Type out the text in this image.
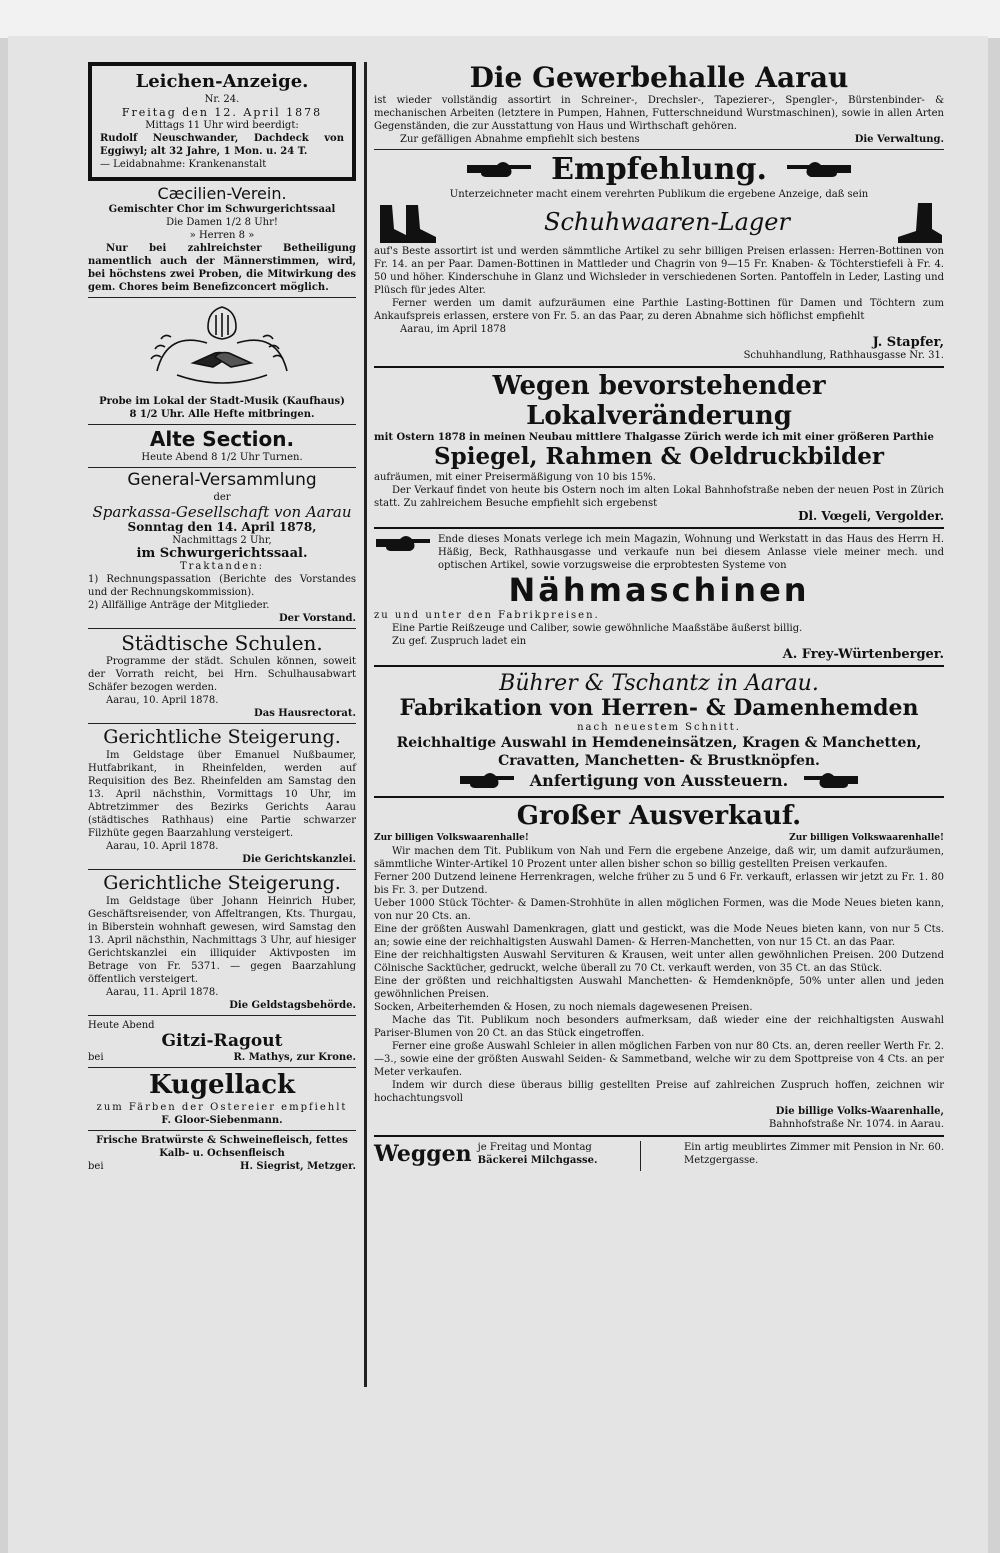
Leichen-Anzeige.

Nr. 24.

Freitag den 12. April 1878

Mittags 11 Uhr wird beerdigt:

Rudolf Neuschwander, Dachdeck von Eggiwyl; alt 32 Jahre, 1 Mon. u. 24 T.

— Leidabnahme: Krankenanstalt

Cæcilien-Verein.

Gemischter Chor im Schwurgerichtssaal

Die Damen 1/2 8 Uhr!

» Herren 8 »

Nur bei zahlreichster Betheiligung namentlich auch der Männerstimmen, wird, bei höchstens zwei Proben, die Mitwirkung des gem. Chores beim Benefizconcert möglich.

Probe im Lokal der Stadt-Musik (Kaufhaus)

8 1/2 Uhr. Alle Hefte mitbringen.

Alte Section.

Heute Abend 8 1/2 Uhr Turnen.

General-Versammlung

der

Sparkassa-Gesellschaft von Aarau

Sonntag den 14. April 1878,

Nachmittags 2 Uhr,

im Schwurgerichtssaal.

Traktanden:

1) Rechnungspassation (Berichte des Vorstandes und der Rechnungskommission).

2) Allfällige Anträge der Mitglieder.

Der Vorstand.

Städtische Schulen.

Programme der städt. Schulen können, soweit der Vorrath reicht, bei Hrn. Schulhausabwart Schäfer bezogen werden.

Aarau, 10. April 1878.

Das Hausrectorat.

Gerichtliche Steigerung.

Im Geldstage über Emanuel Nußbaumer, Hutfabrikant, in Rheinfelden, werden auf Requisition des Bez. Rheinfelden am Samstag den 13. April nächsthin, Vormittags 10 Uhr, im Abtretzimmer des Bezirks Gerichts Aarau (städtisches Rathhaus) eine Partie schwarzer Filzhüte gegen Baarzahlung versteigert.

Aarau, 10. April 1878.

Die Gerichtskanzlei.

Gerichtliche Steigerung.

Im Geldstage über Johann Heinrich Huber, Geschäftsreisender, von Affeltrangen, Kts. Thurgau, in Biberstein wohnhaft gewesen, wird Samstag den 13. April nächsthin, Nachmittags 3 Uhr, auf hiesiger Gerichtskanzlei ein illiquider Aktivposten im Betrage von Fr. 5371. — gegen Baarzahlung öffentlich versteigert.

Aarau, 11. April 1878.

Die Geldstagsbehörde.

Heute Abend

Gitzi-Ragout

bei	R. Mathys, zur Krone.

Kugellack

zum Färben der Ostereier empfiehlt

F. Gloor-Siebenmann.

Frische Bratwürste & Schweinefleisch, fettes Kalb- u. Ochsenfleisch

bei	H. Siegrist, Metzger.

Die Gewerbehalle Aarau

ist wieder vollständig assortirt in Schreiner-, Drechsler-, Tapezierer-, Spengler-, Bürstenbinder- & mechanischen Arbeiten (letztere in Pumpen, Hahnen, Futterschneidund Wurstmaschinen), sowie in allen Arten Gegenständen, die zur Ausstattung von Haus und Wirthschaft gehören.

Zur gefälligen Abnahme empfiehlt sich bestens	Die Verwaltung.
Empfehlung.

Unterzeichneter macht einem verehrten Publikum die ergebene Anzeige, daß sein

Schuhwaaren-Lager

auf's Beste assortirt ist und werden sämmtliche Artikel zu sehr billigen Preisen erlassen: Herren-Bottinen von Fr. 14. an per Paar. Damen-Bottinen in Mattleder und Chagrin von 9—15 Fr. Knaben- & Töchterstiefeli à Fr. 4. 50 und höher. Kinderschuhe in Glanz und Wichsleder in verschiedenen Sorten. Pantoffeln in Leder, Lasting und Plüsch für jedes Alter.

Ferner werden um damit aufzuräumen eine Parthie Lasting-Bottinen für Damen und Töchtern zum Ankaufspreis erlassen, erstere von Fr. 5. an das Paar, zu deren Abnahme sich höflichst empfiehlt

Aarau, im April 1878

J. Stapfer,

Schuhhandlung, Rathhausgasse Nr. 31.

Wegen bevorstehender Lokalveränderung

mit Ostern 1878 in meinen Neubau mittlere Thalgasse Zürich werde ich mit einer größeren Parthie

Spiegel, Rahmen & Oeldruckbilder

aufräumen, mit einer Preisermäßigung von 10 bis 15%.

Der Verkauf findet von heute bis Ostern noch im alten Lokal Bahnhofstraße neben der neuen Post in Zürich statt. Zu zahlreichem Besuche empfiehlt sich ergebenst

Dl. Vœgeli, Vergolder.

Ende dieses Monats verlege ich mein Magazin, Wohnung und Werkstatt in das Haus des Herrn H. Häßig, Beck, Rathhausgasse und verkaufe nun bei diesem Anlasse viele meiner mech. und optischen Artikel, sowie vorzugsweise die erprobtesten Systeme von

Nähmaschinen

zu und unter den Fabrikpreisen.

Eine Partie Reißzeuge und Caliber, sowie gewöhnliche Maaßstäbe äußerst billig.

Zu gef. Zuspruch ladet ein

A. Frey-Würtenberger.

Bührer & Tschantz in Aarau.

Fabrikation von Herren- & Damenhemden

nach neuestem Schnitt.

Reichhaltige Auswahl in Hemdeneinsätzen, Kragen & Manchetten, Cravatten, Manchetten- & Brustknöpfen.

Anfertigung von Aussteuern.

Großer Ausverkauf.

Zur billigen Volkswaarenhalle!	Zur billigen Volkswaarenhalle!

Wir machen dem Tit. Publikum von Nah und Fern die ergebene Anzeige, daß wir, um damit aufzuräumen, sämmtliche Winter-Artikel 10 Prozent unter allen bisher schon so billig gestellten Preisen verkaufen.

Ferner 200 Dutzend leinene Herrenkragen, welche früher zu 5 und 6 Fr. verkauft, erlassen wir jetzt zu Fr. 1. 80 bis Fr. 3. per Dutzend.

Ueber 1000 Stück Töchter- & Damen-Strohhüte in allen möglichen Formen, was die Mode Neues bieten kann, von nur 20 Cts. an.

Eine der größten Auswahl Damenkragen, glatt und gestickt, was die Mode Neues bieten kann, von nur 5 Cts. an; sowie eine der reichhaltigsten Auswahl Damen- & Herren-Manchetten, von nur 15 Ct. an das Paar.

Eine der reichhaltigsten Auswahl Servituren & Krausen, weit unter allen gewöhnlichen Preisen. 200 Dutzend Cölnische Sacktücher, gedruckt, welche überall zu 70 Ct. verkauft werden, von 35 Ct. an das Stück.

Eine der größten und reichhaltigsten Auswahl Manchetten- & Hemdenknöpfe, 50% unter allen und jeden gewöhnlichen Preisen.

Socken, Arbeiterhemden & Hosen, zu noch niemals dagewesenen Preisen.

Mache das Tit. Publikum noch besonders aufmerksam, daß wieder eine der reichhaltigsten Auswahl Pariser-Blumen von 20 Ct. an das Stück eingetroffen.

Ferner eine große Auswahl Schleier in allen möglichen Farben von nur 80 Cts. an, deren reeller Werth Fr. 2.—3., sowie eine der größten Auswahl Seiden- & Sammetband, welche wir zu dem Spottpreise von 4 Cts. an per Meter verkaufen.

Indem wir durch diese überaus billig gestellten Preise auf zahlreichen Zuspruch hoffen, zeichnen wir hochachtungsvoll

Die billige Volks-Waarenhalle,

Bahnhofstraße Nr. 1074. in Aarau.

Weggen je Freitag und Montag

Bäckerei Milchgasse.

Ein artig meublirtes Zimmer mit Pension in Nr. 60. Metzgergasse.
